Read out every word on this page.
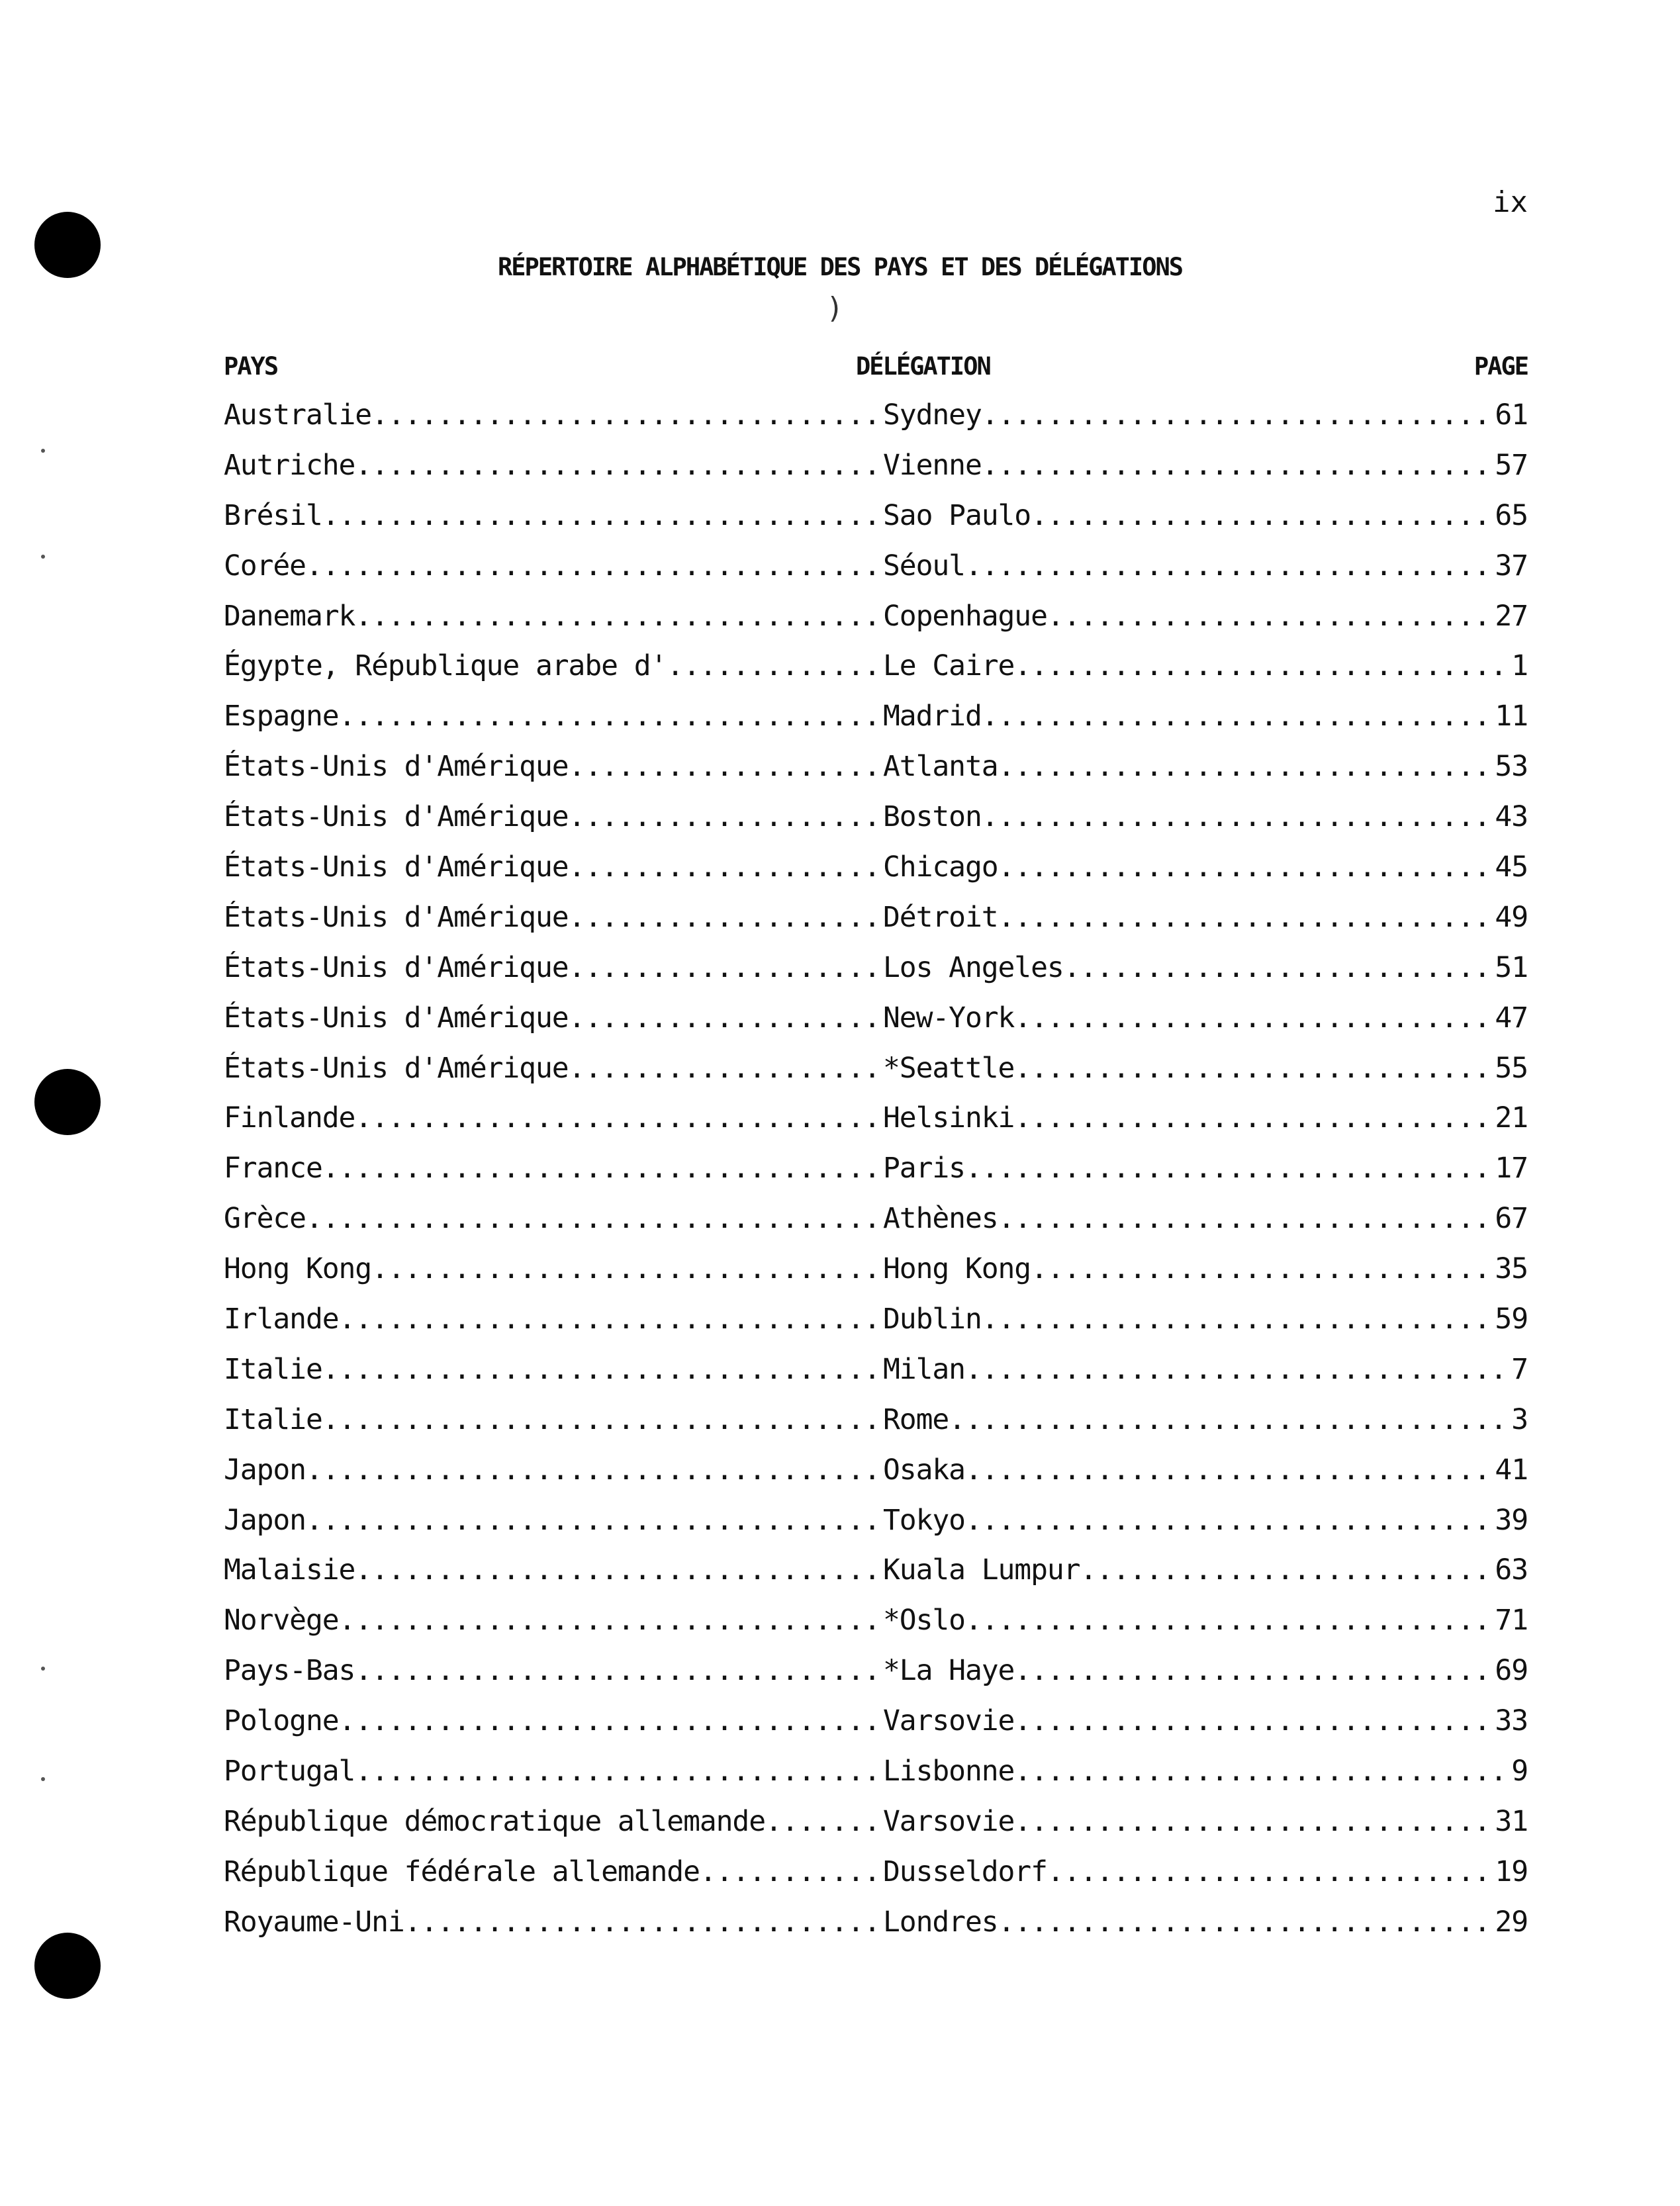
ix
RÉPERTOIRE ALPHABÉTIQUE DES PAYS ET DES DÉLÉGATIONS
)
PAYS	DÉLÉGATION	PAGE
Australie .....	Sydney .....	61
Autriche .....	Vienne .....	57
Brésil .....	Sao Paulo .....	65
Corée .....	Séoul .....	37
Danemark .....	Copenhague .....	27
Égypte, République arabe d' .....	Le Caire .....	1
Espagne .....	Madrid .....	11
États-Unis d'Amérique .....	Atlanta .....	53
États-Unis d'Amérique .....	Boston .....	43
États-Unis d'Amérique .....	Chicago .....	45
États-Unis d'Amérique .....	Détroit .....	49
États-Unis d'Amérique .....	Los Angeles .....	51
États-Unis d'Amérique .....	New-York .....	47
États-Unis d'Amérique .....	*Seattle .....	55
Finlande .....	Helsinki .....	21
France .....	Paris .....	17
Grèce .....	Athènes .....	67
Hong Kong .....	Hong Kong .....	35
Irlande .....	Dublin .....	59
Italie .....	Milan .....	7
Italie .....	Rome .....	3
Japon .....	Osaka .....	41
Japon .....	Tokyo .....	39
Malaisie .....	Kuala Lumpur .....	63
Norvège .....	*Oslo .....	71
Pays-Bas .....	*La Haye .....	69
Pologne .....	Varsovie .....	33
Portugal .....	Lisbonne .....	9
République démocratique allemande .....	Varsovie .....	31
République fédérale allemande .....	Dusseldorf .....	19
Royaume-Uni .....	Londres .....	29
